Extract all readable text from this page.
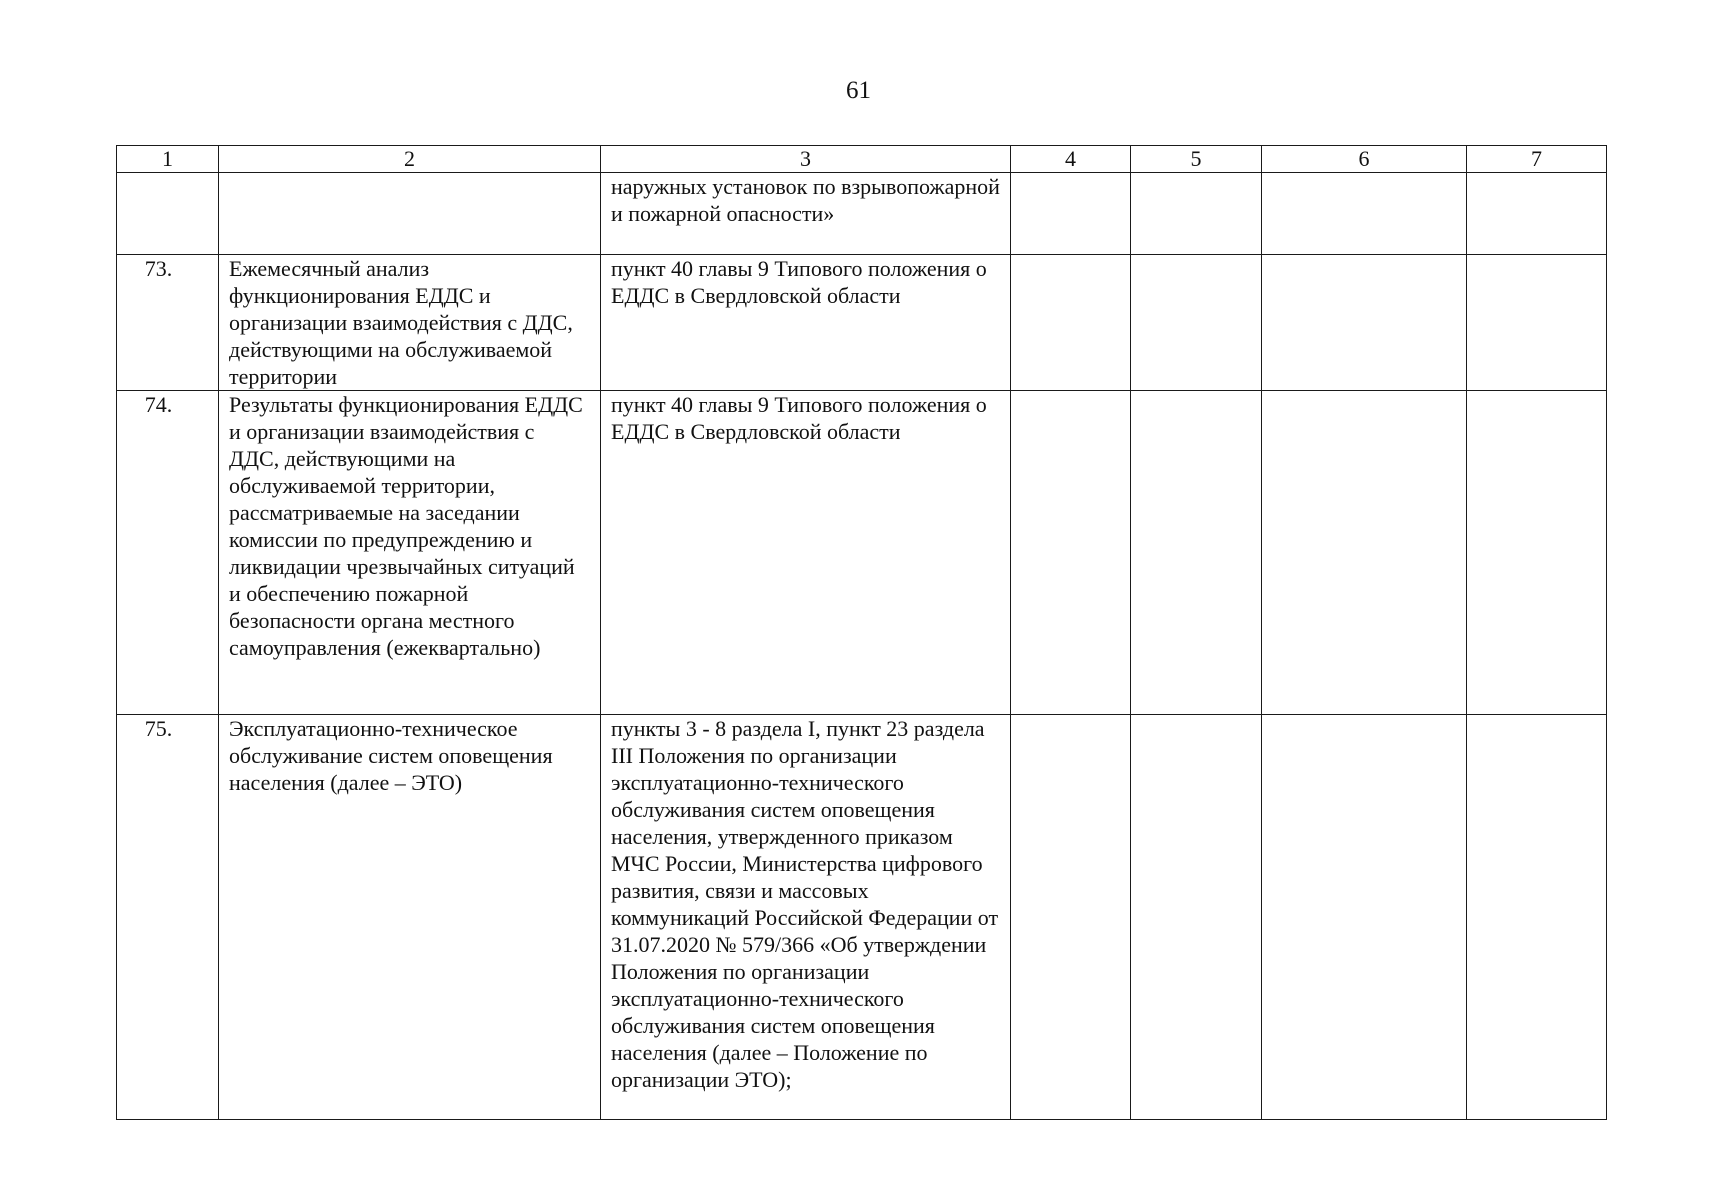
61
1	2	3	4	5	6	7
		наружных установок по взрывопожарной и пожарной опасности»				
73.	Ежемесячный анализ функционирования ЕДДС и организации взаимодействия с ДДС, действующими на обслуживаемой территории	пункт 40 главы 9 Типового положения о ЕДДС в Свердловской области				
74.	Результаты функционирования ЕДДС и организации взаимодействия с ДДС, действующими на обслуживаемой территории, рассматриваемые на заседании комиссии по предупреждению и ликвидации чрезвычайных ситуаций и обеспечению пожарной безопасности органа местного самоуправления (ежеквартально)	пункт 40 главы 9 Типового положения о ЕДДС в Свердловской области				
75.	Эксплуатационно-техническое обслуживание систем оповещения населения (далее – ЭТО)	пункты 3 - 8 раздела I, пункт 23 раздела III Положения по организации эксплуатационно-технического обслуживания систем оповещения населения, утвержденного приказом МЧС России, Министерства цифрового развития, связи и массовых коммуникаций Российской Федерации от 31.07.2020 № 579/366 «Об утверждении Положения по организации эксплуатационно-технического обслуживания систем оповещения населения (далее – Положение по организации ЭТО);				
